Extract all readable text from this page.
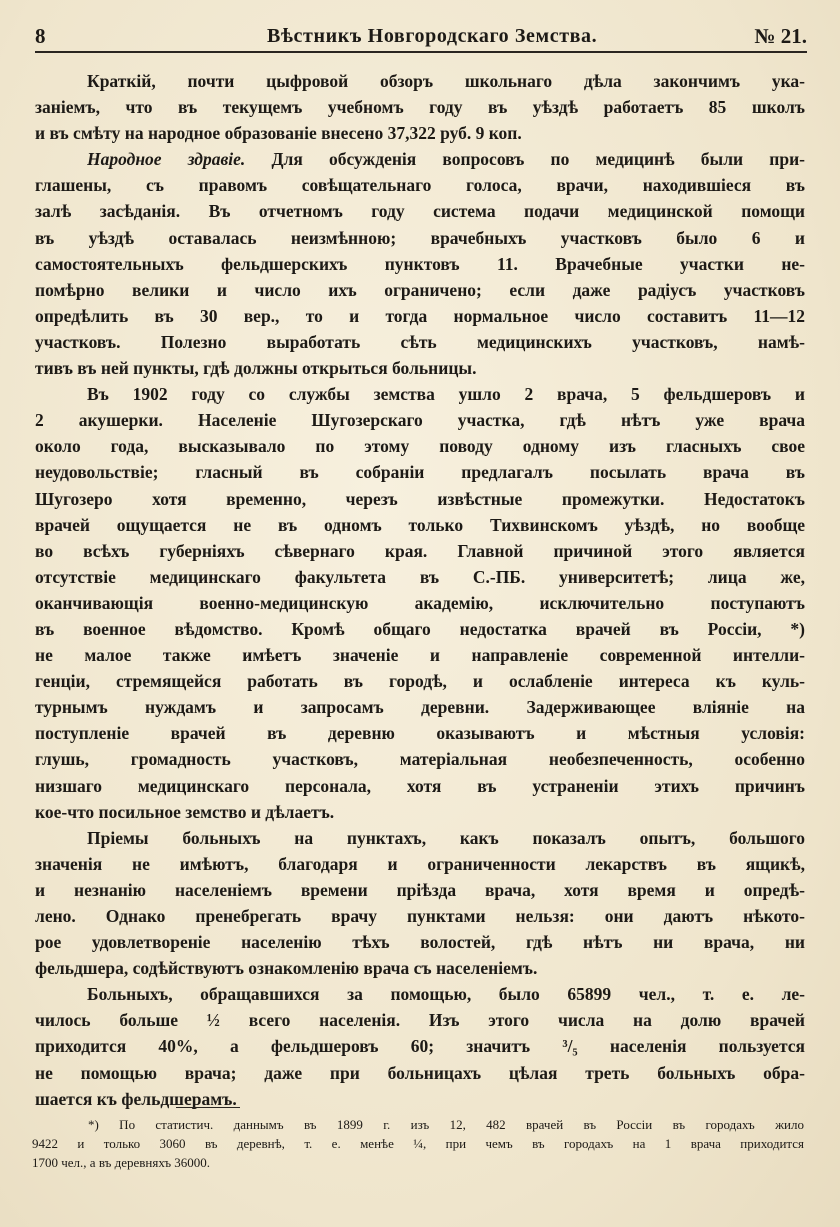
8	Вѣстникъ Новгородскаго Земства.	№ 21.
Краткій, почти цыфровой обзоръ школьнаго дѣла закончимъ ука-
заніемъ, что въ текущемъ учебномъ году въ уѣздѣ работаетъ 85 школъ
и въ смѣту на народное образованіе внесено 37,322 руб. 9 коп.
Народное здравіе. Для обсужденія вопросовъ по медицинѣ были при-
глашены, съ правомъ совѣщательнаго голоса, врачи, находившіеся въ
залѣ засѣданія. Въ отчетномъ году система подачи медицинской помощи
въ уѣздѣ оставалась неизмѣнною; врачебныхъ участковъ было 6 и
самостоятельныхъ фельдшерскихъ пунктовъ 11. Врачебные участки не-
помѣрно велики и число ихъ ограничено; если даже радіусъ участковъ
опредѣлить въ 30 вер., то и тогда нормальное число составитъ 11—12
участковъ. Полезно выработать сѣть медицинскихъ участковъ, намѣ-
тивъ въ ней пункты, гдѣ должны открыться больницы.
Въ 1902 году со службы земства ушло 2 врача, 5 фельдшеровъ и
2 акушерки. Населеніе Шугозерскаго участка, гдѣ нѣтъ уже врача
около года, высказывало по этому поводу одному изъ гласныхъ свое
неудовольствіе; гласный въ собраніи предлагалъ посылать врача въ
Шугозеро хотя временно, черезъ извѣстные промежутки. Недостатокъ
врачей ощущается не въ одномъ только Тихвинскомъ уѣздѣ, но вообще
во всѣхъ губерніяхъ сѣвернаго края. Главной причиной этого является
отсутствіе медицинскаго факультета въ С.-ПБ. университетѣ; лица же,
оканчивающія военно-медицинскую академію, исключительно поступаютъ
въ военное вѣдомство. Кромѣ общаго недостатка врачей въ Россіи, *)
не малое также имѣетъ значеніе и направленіе современной интелли-
генціи, стремящейся работать въ городѣ, и ослабленіе интереса къ куль-
турнымъ нуждамъ и запросамъ деревни. Задерживающее вліяніе на
поступленіе врачей въ деревню оказываютъ и мѣстныя условія:
глушь, громадность участковъ, матеріальная необезпеченность, особенно
низшаго медицинскаго персонала, хотя въ устраненіи этихъ причинъ
кое-что посильное земство и дѣлаетъ.
Пріемы больныхъ на пунктахъ, какъ показалъ опытъ, большого
значенія не имѣютъ, благодаря и ограниченности лекарствъ въ ящикѣ,
и незнанію населеніемъ времени пріѣзда врача, хотя время и опредѣ-
лено. Однако пренебрегать врачу пунктами нельзя: они даютъ нѣкото-
рое удовлетвореніе населенію тѣхъ волостей, гдѣ нѣтъ ни врача, ни
фельдшера, содѣйствуютъ ознакомленію врача съ населеніемъ.
Больныхъ, обращавшихся за помощью, было 65899 чел., т. е. ле-
чилось больше ½ всего населенія. Изъ этого числа на долю врачей
приходится 40%, а фельдшеровъ 60; значитъ ³/₅ населенія пользуется
не помощью врача; даже при больницахъ цѣлая треть больныхъ обра-
шается къ фельдшерамъ.
*) По статистич. даннымъ въ 1899 г. изъ 12, 482 врачей въ Россіи въ городахъ жило
9422 и только 3060 въ деревнѣ, т. е. менѣе ¼, при чемъ въ городахъ на 1 врача приходится
1700 чел., а въ деревняхъ 36000.
